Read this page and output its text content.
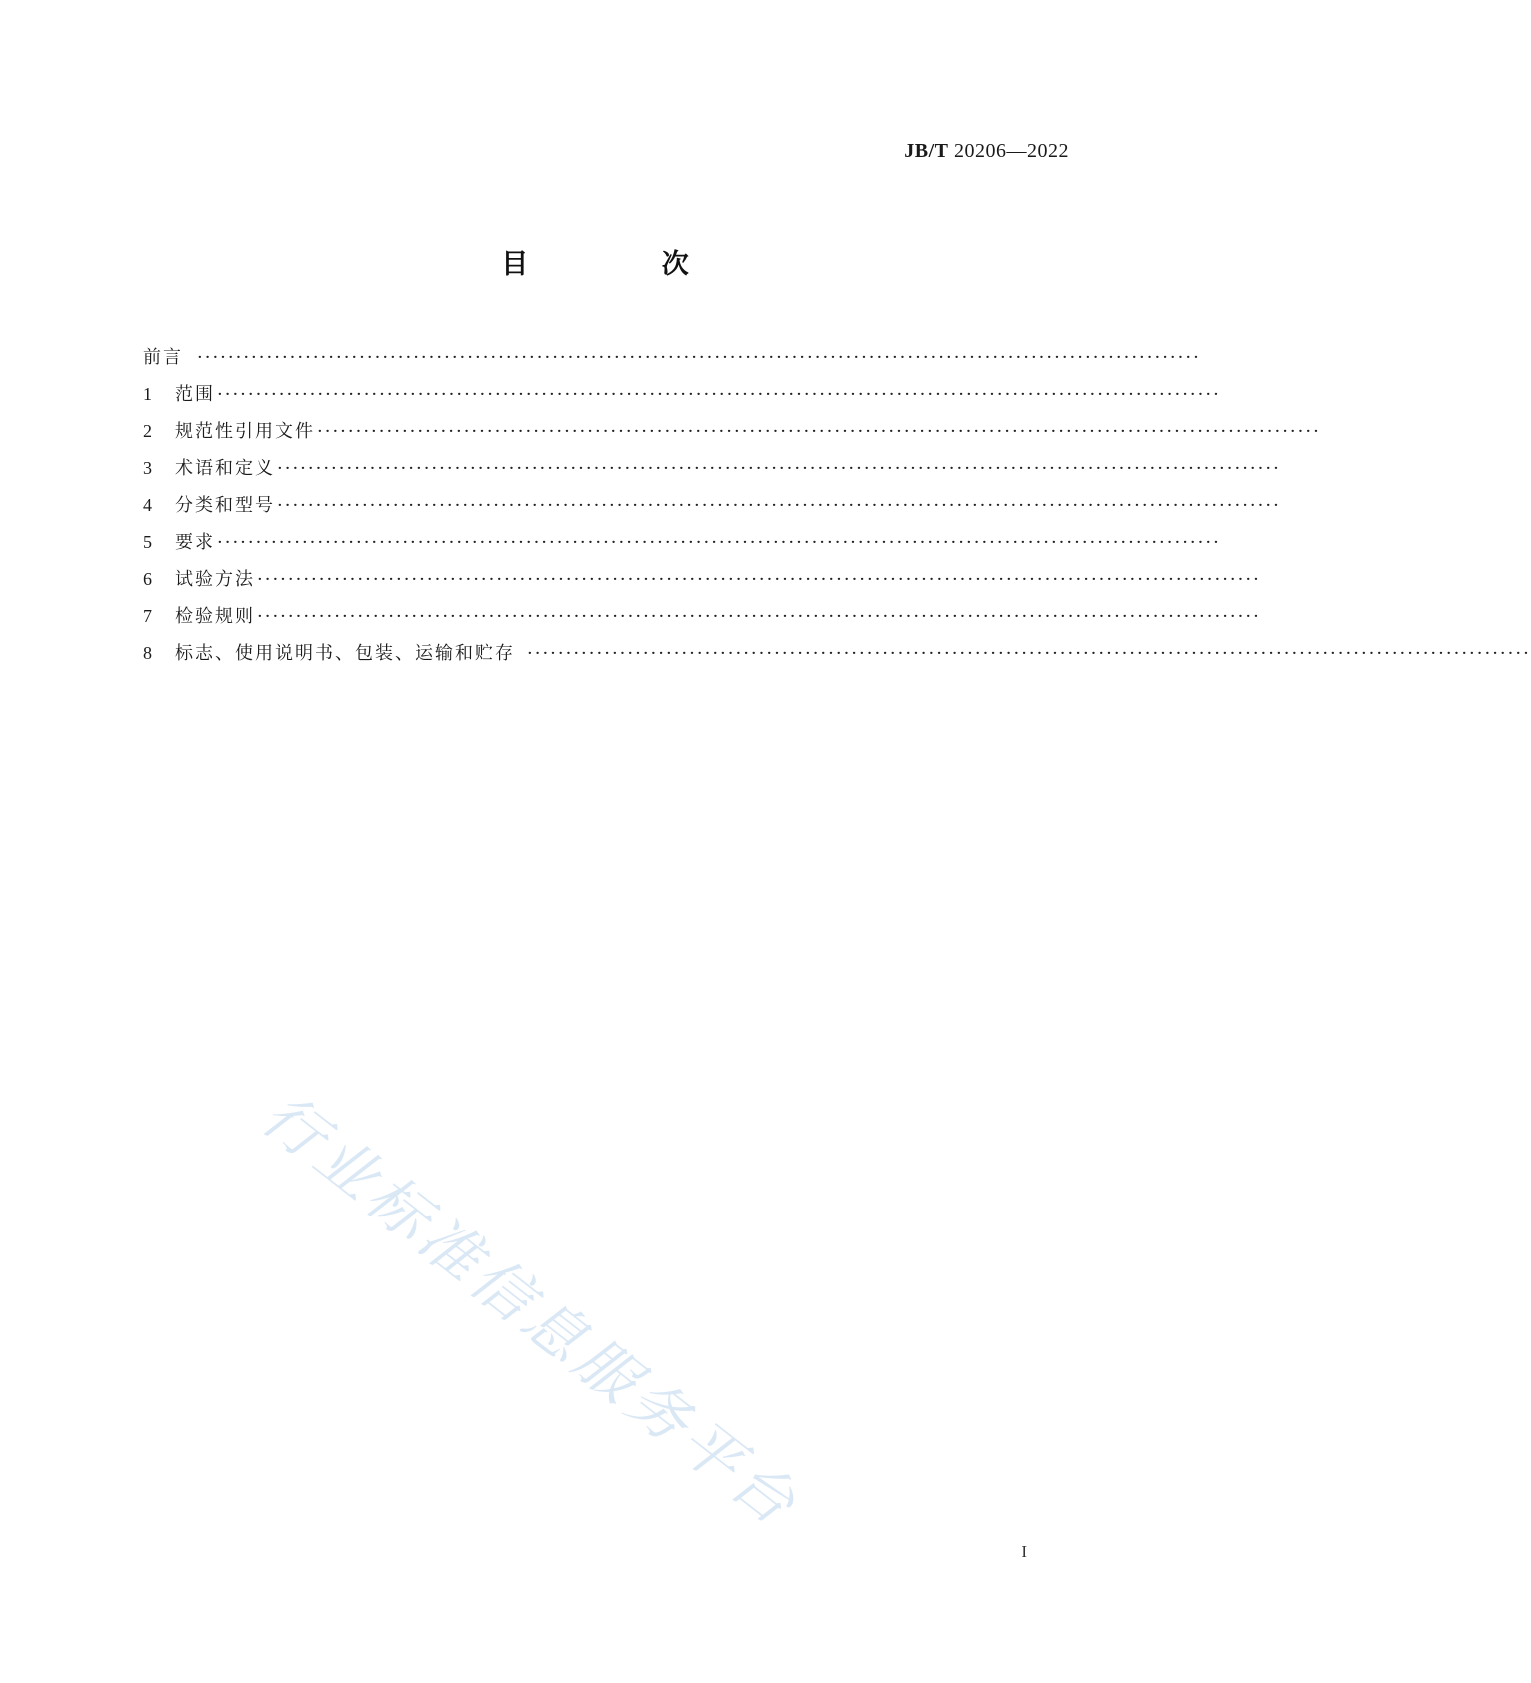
JB/T 20206—2022
目 次
前言 ··································································································································
1	范围 ··································································································································
2	规范性引用文件 ··································································································································
3	术语和定义 ··································································································································
4	分类和型号 ··································································································································
5	要求 ··································································································································
6	试验方法 ··································································································································
7	检验规则 ··································································································································
8	标志、使用说明书、包装、运输和贮存 ··································································································································
行业标准信息服务平台
I
